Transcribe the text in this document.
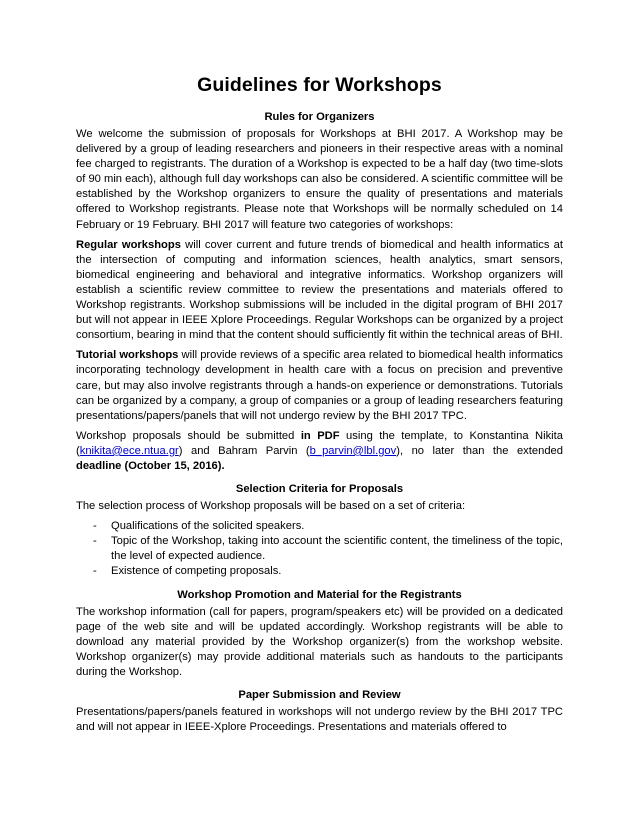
Guidelines for Workshops
Rules for Organizers

We welcome the submission of proposals for Workshops at BHI 2017. A Workshop may be delivered by a group of leading researchers and pioneers in their respective areas with a nominal fee charged to registrants. The duration of a Workshop is expected to be a half day (two time-slots of 90 min each), although full day workshops can also be considered. A scientific committee will be established by the Workshop organizers to ensure the quality of presentations and materials offered to Workshop registrants. Please note that Workshops will be normally scheduled on 14 February or 19 February. BHI 2017 will feature two categories of workshops:

Regular workshops will cover current and future trends of biomedical and health informatics at the intersection of computing and information sciences, health analytics, smart sensors, biomedical engineering and behavioral and integrative informatics. Workshop organizers will establish a scientific review committee to review the presentations and materials offered to Workshop registrants. Workshop submissions will be included in the digital program of BHI 2017 but will not appear in IEEE Xplore Proceedings. Regular Workshops can be organized by a project consortium, bearing in mind that the content should sufficiently fit within the technical areas of BHI.

Tutorial workshops will provide reviews of a specific area related to biomedical health informatics incorporating technology development in health care with a focus on precision and preventive care, but may also involve registrants through a hands-on experience or demonstrations. Tutorials can be organized by a company, a group of companies or a group of leading researchers featuring presentations/papers/panels that will not undergo review by the BHI 2017 TPC.

Workshop proposals should be submitted in PDF using the template, to Konstantina Nikita (knikita@ece.ntua.gr) and Bahram Parvin (b_parvin@lbl.gov), no later than the extended deadline (October 15, 2016).

Selection Criteria for Proposals

The selection process of Workshop proposals will be based on a set of criteria:

- Qualifications of the solicited speakers.
- Topic of the Workshop, taking into account the scientific content, the timeliness of the topic, the level of expected audience.
- Existence of competing proposals.
Workshop Promotion and Material for the Registrants

The workshop information (call for papers, program/speakers etc) will be provided on a dedicated page of the web site and will be updated accordingly. Workshop registrants will be able to download any material provided by the Workshop organizer(s) from the workshop website. Workshop organizer(s) may provide additional materials such as handouts to the participants during the Workshop.

Paper Submission and Review

Presentations/papers/panels featured in workshops will not undergo review by the BHI 2017 TPC and will not appear in IEEE-Xplore Proceedings. Presentations and materials offered to
